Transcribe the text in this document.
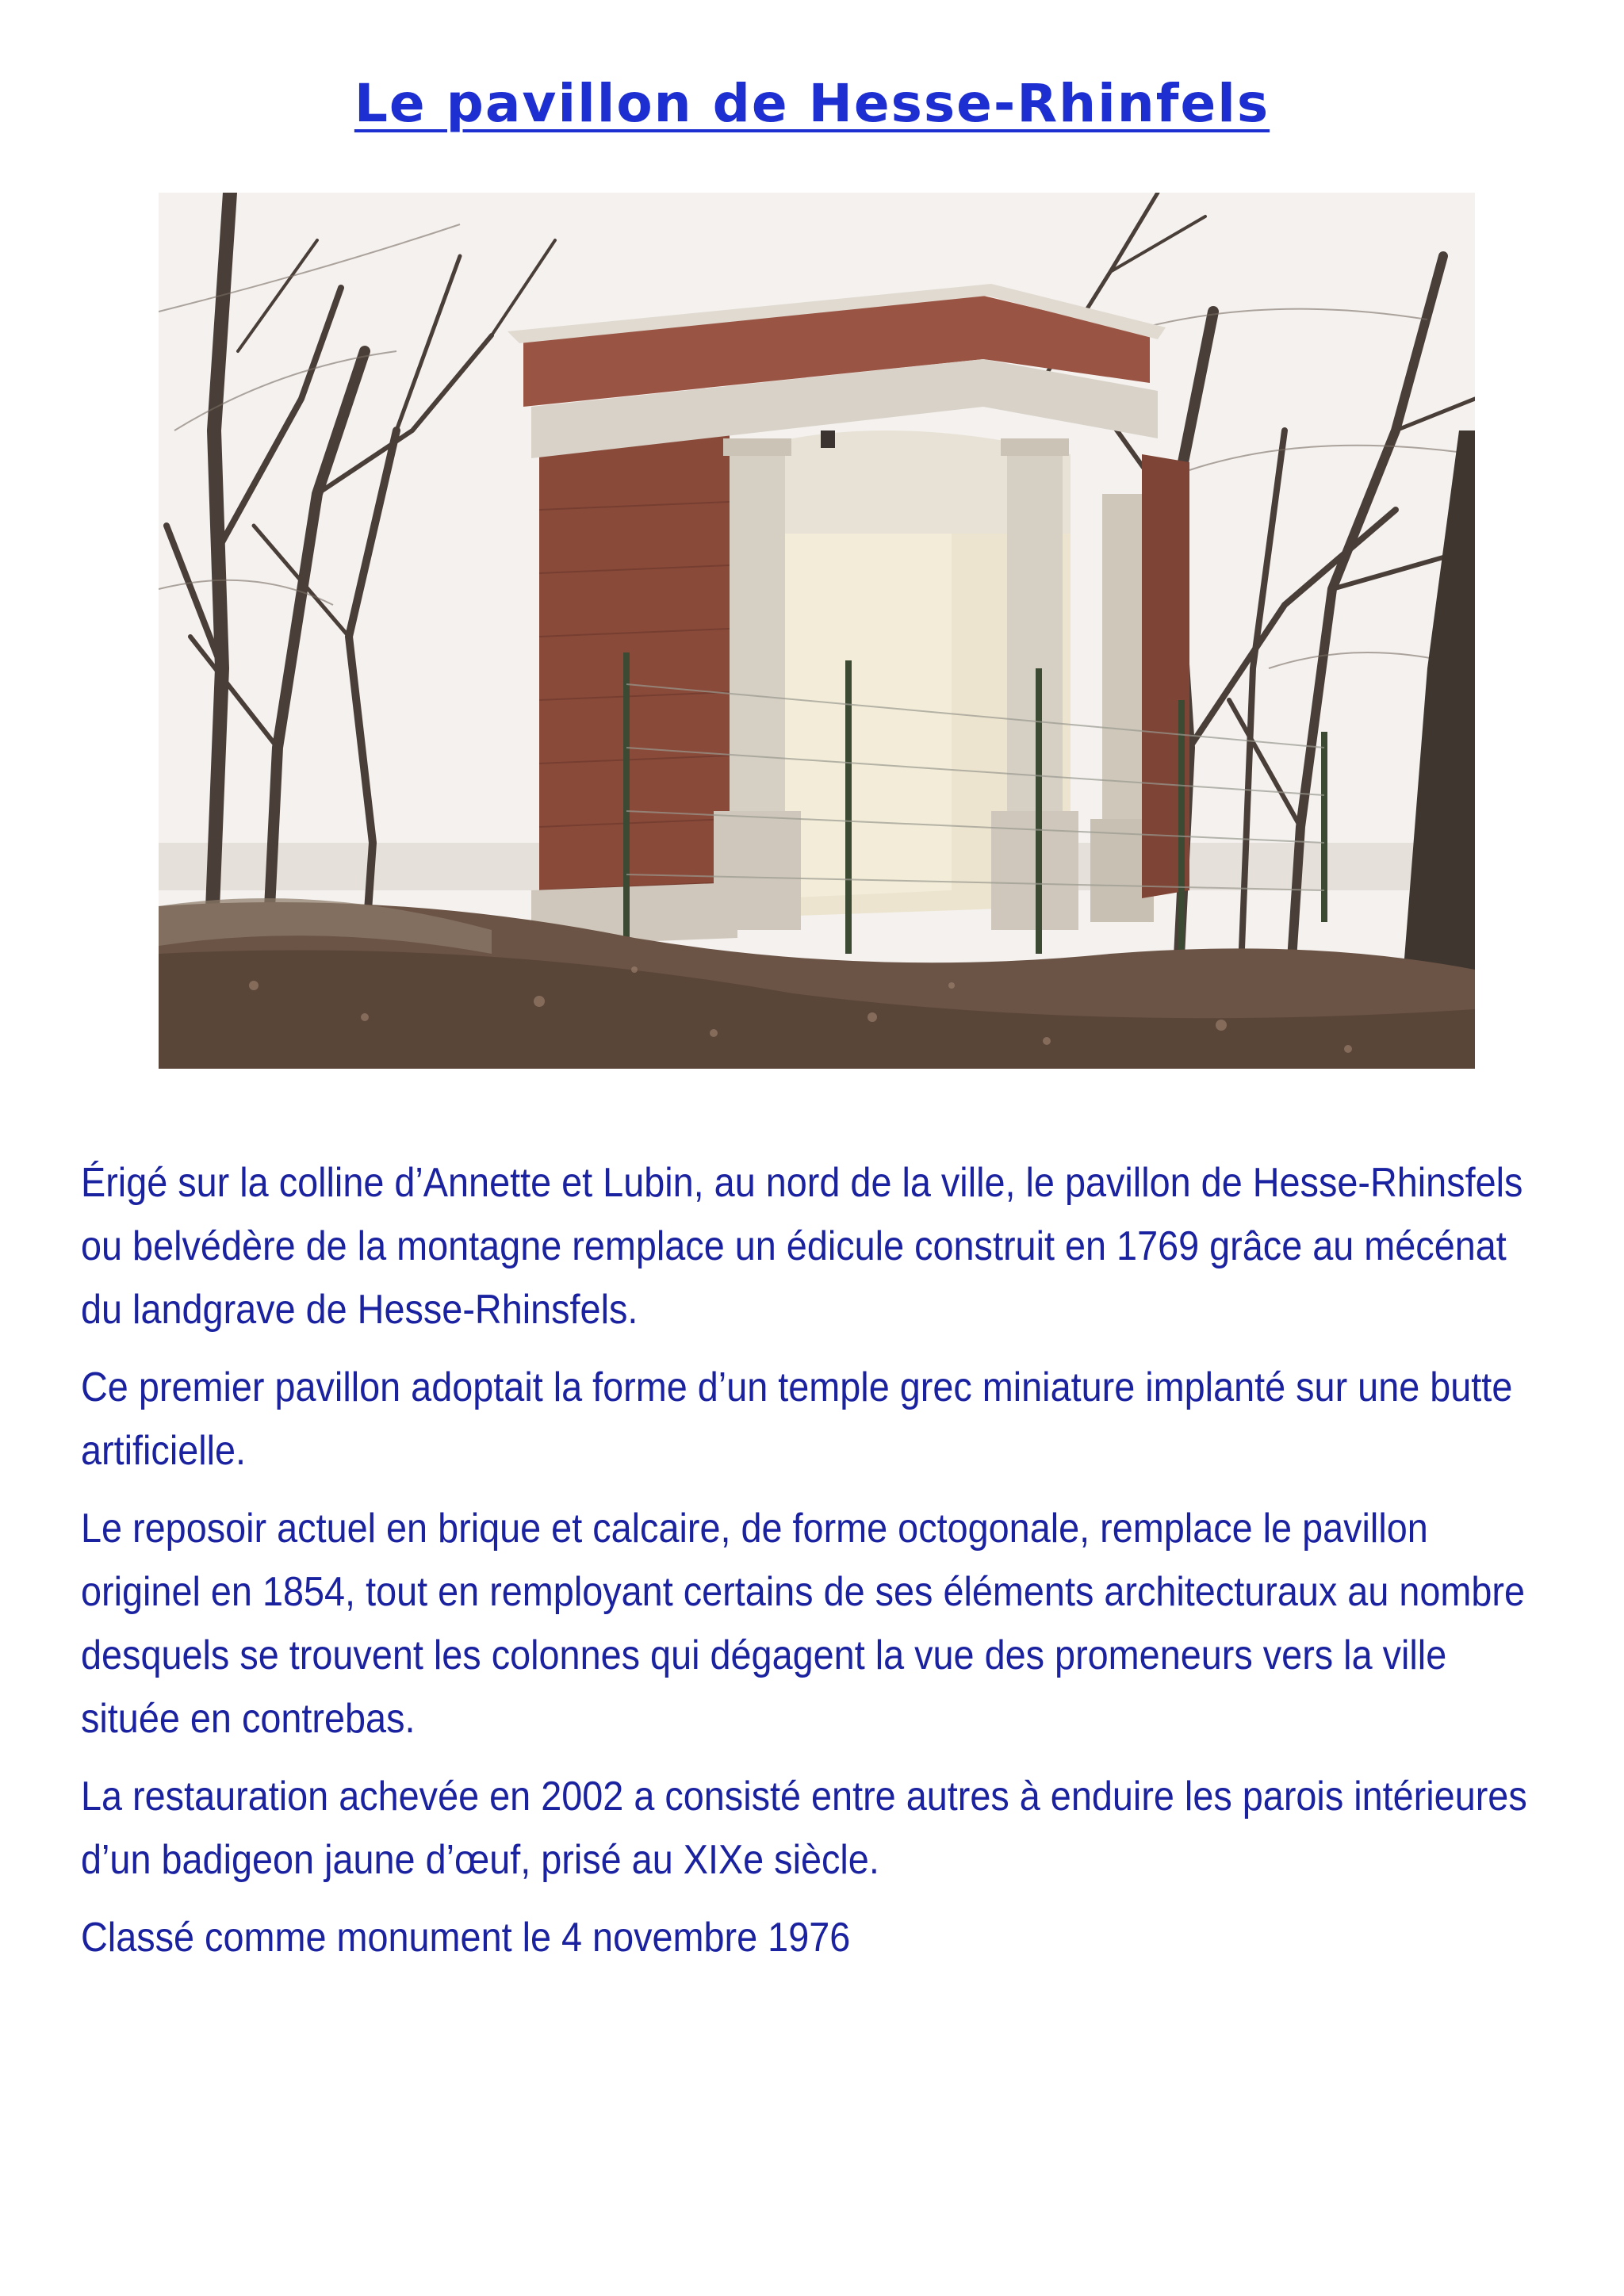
Le pavillon de Hesse-Rhinfels

Érigé sur la colline d’Annette et Lubin, au nord de la ville, le pavillon de Hesse-Rhinsfels ou belvédère de la montagne remplace un édicule construit en 1769 grâce au mécénat du landgrave de Hesse-Rhinsfels.

Ce premier pavillon adoptait la forme d’un temple grec miniature implanté sur une butte artificielle.

Le reposoir actuel en brique et calcaire, de forme octogonale, remplace le pavillon originel en 1854, tout en remployant certains de ses éléments architecturaux au nombre desquels se trouvent les colonnes qui dégagent la vue des promeneurs vers la ville située en contrebas.

La restauration achevée en 2002 a consisté entre autres à enduire les parois intérieures d’un badigeon jaune d’œuf, prisé au XIXe siècle.

Classé comme monument le 4 novembre 1976
